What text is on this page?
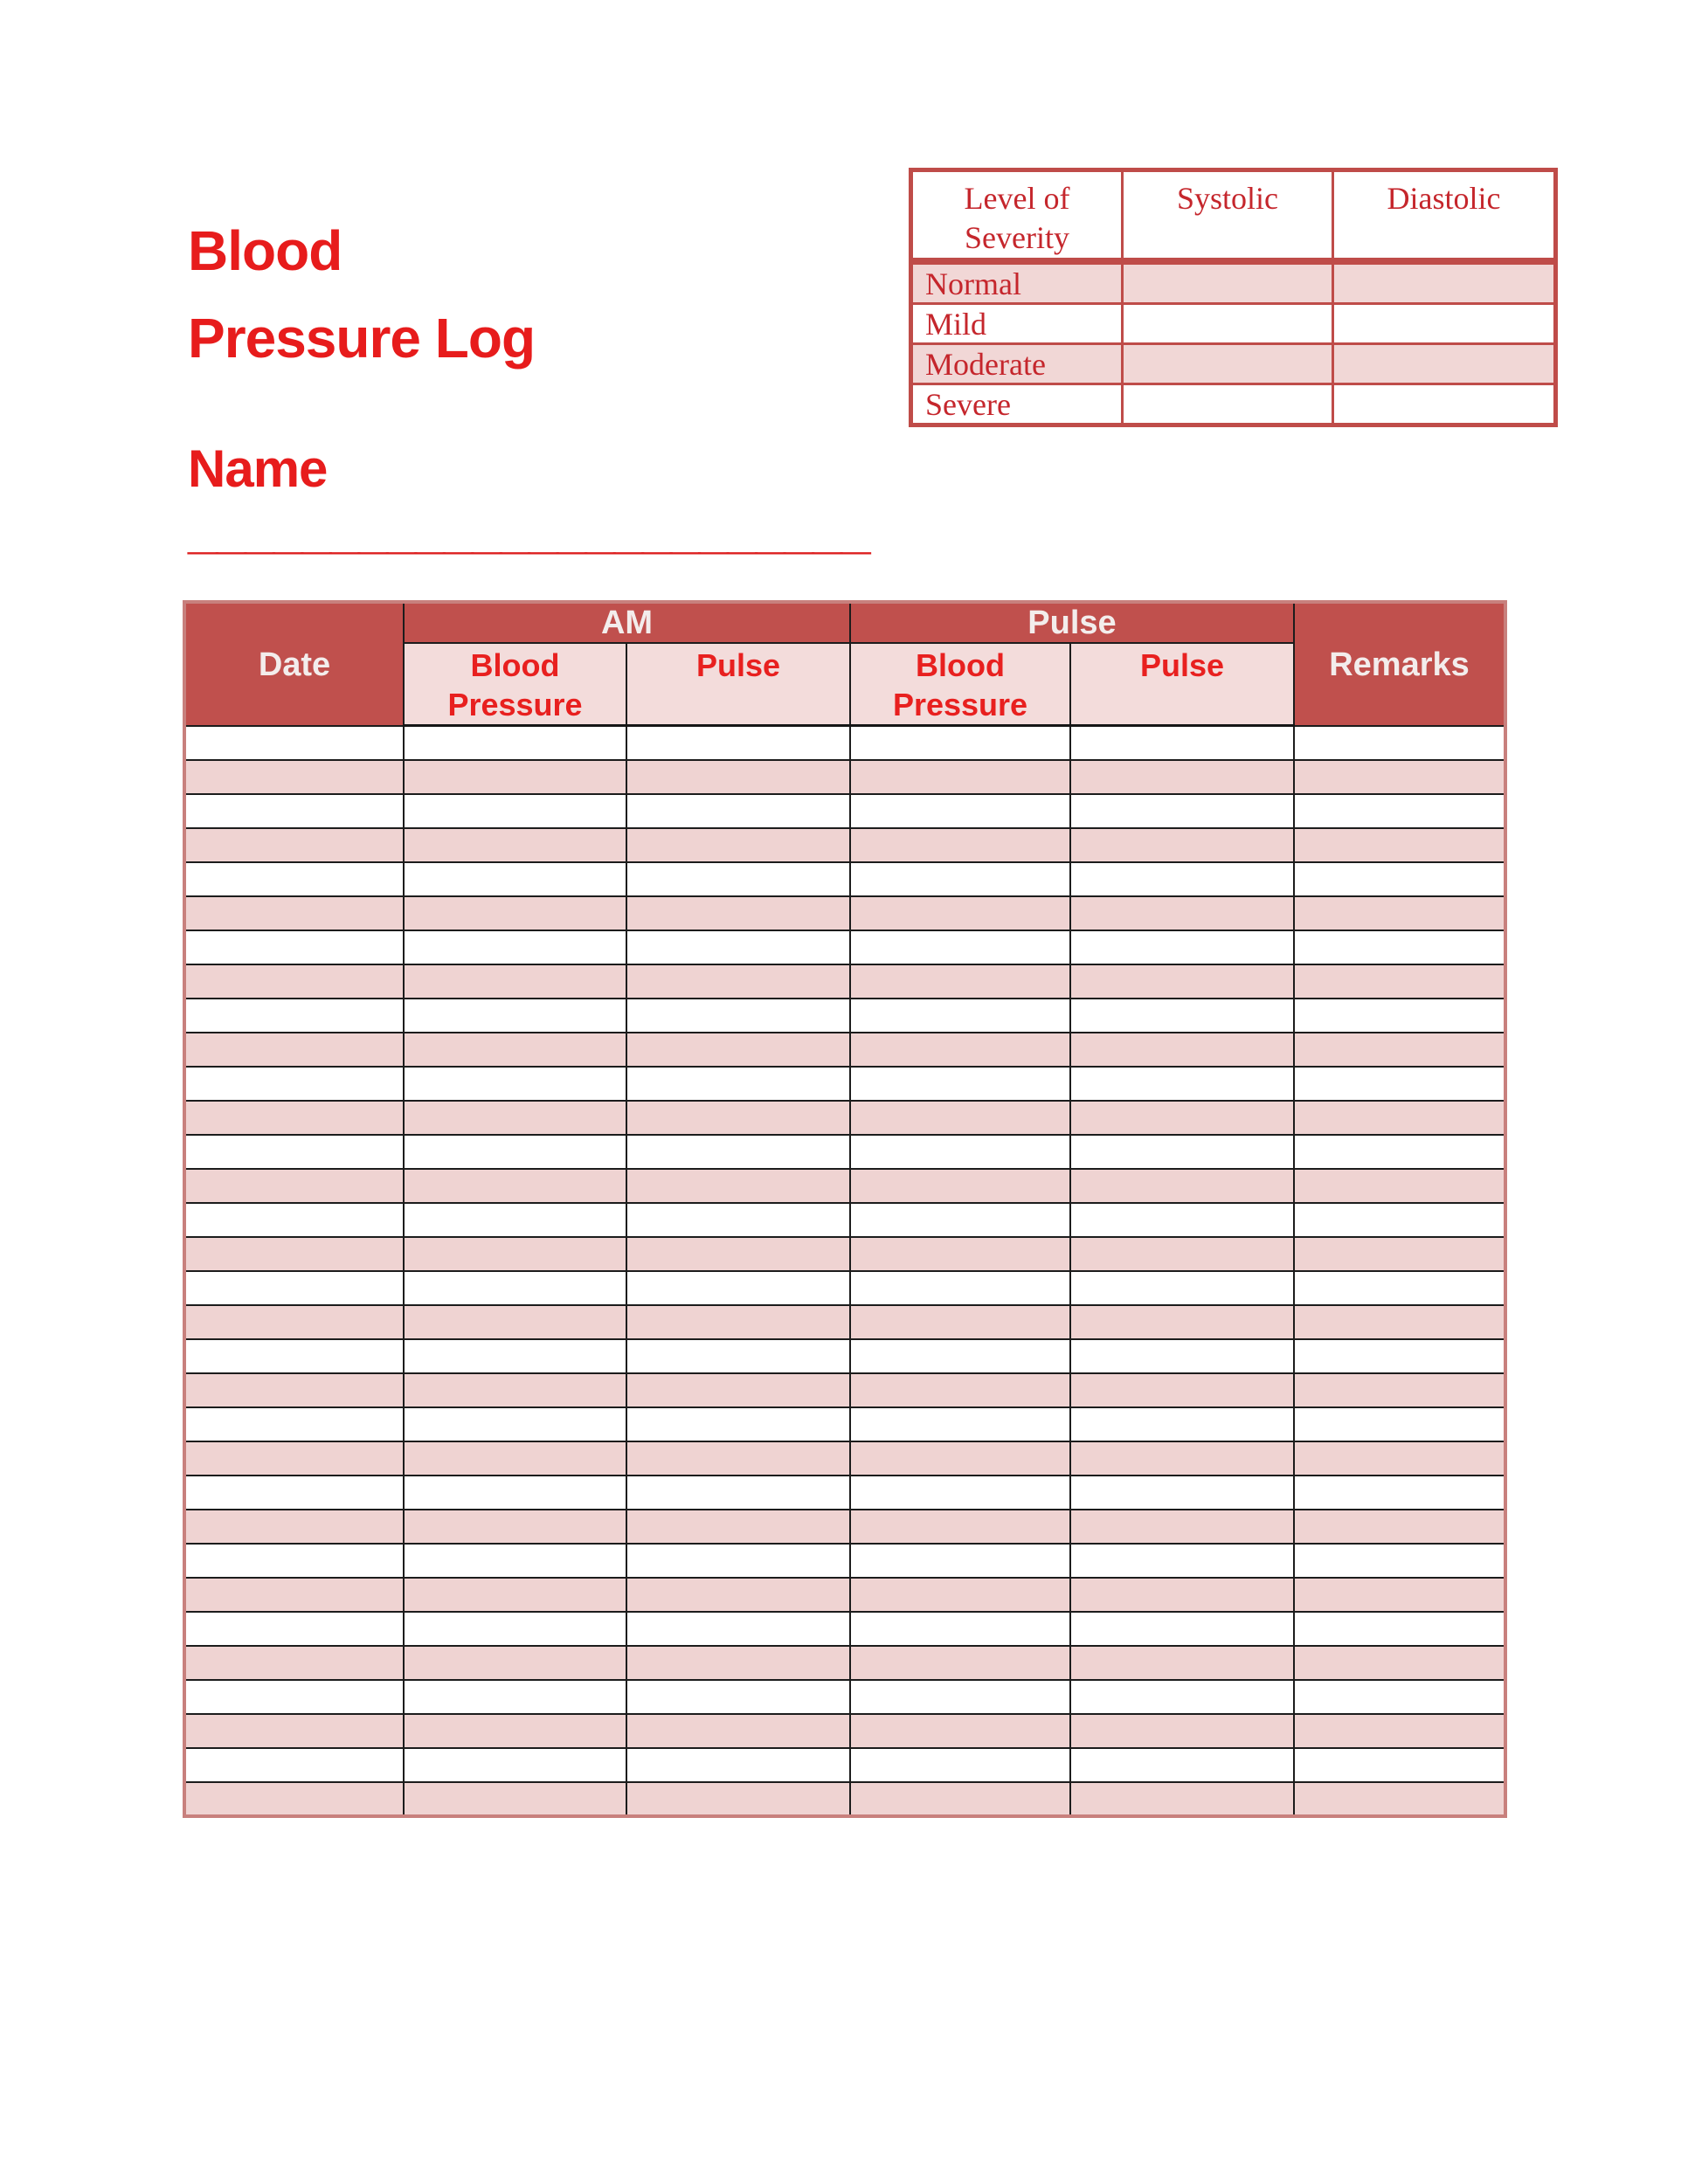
Blood
Pressure Log
Name
________________________
Level of Severity	Systolic	Diastolic
Normal		
Mild		
Moderate		
Severe		
Date	AM		Pulse		Remarks
	Blood Pressure	Pulse	Blood Pressure	Pulse	
